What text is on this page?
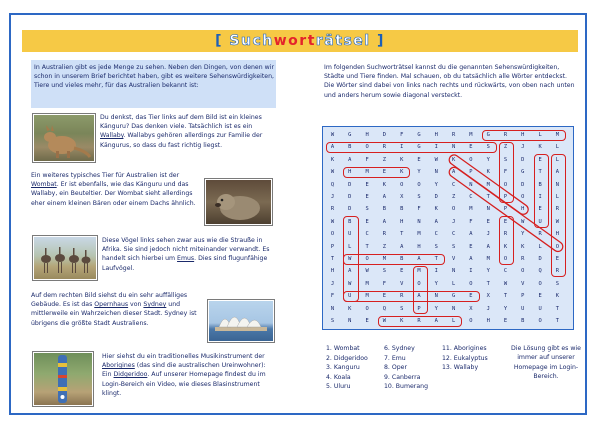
[ Suchworträtsel ]

In Australien gibt es jede Menge zu sehen. Neben den Dingen, von denen wir schon in unserem Brief berichtet haben, gibt es weitere Sehenswürdigkeiten, Tiere und vieles mehr, für das Australien bekannt ist:

Du denkst, das Tier links auf dem Bild ist ein kleines Känguru? Das denken viele. Tatsächlich ist es ein Wallaby. Wallabys gehören allerdings zur Familie der Kängurus, so dass du fast richtig liegst.

Ein weiteres typisches Tier für Australien ist der Wombat. Er ist ebenfalls, wie das Känguru und das Wallaby, ein Beuteltier. Der Wombat sieht allerdings eher einem kleinen Bären oder einem Dachs ähnlich.

Diese Vögel links sehen zwar aus wie die Strauße in Afrika. Sie sind jedoch nicht miteinander verwandt. Es handelt sich hierbei um Emus. Dies sind flugunfähige Laufvögel.

Auf dem rechten Bild siehst du ein sehr auffälliges Gebäude. Es ist das Opernhaus von Sydney und mittlerweile ein Wahrzeichen dieser Stadt. Sydney ist übrigens die größte Stadt Australiens.

Hier siehst du ein traditionelles Musikinstrument der Aborigines (das sind die australischen Ureinwohner): Ein Didgeridoo. Auf unserer Homepage findest du im Login-Bereich ein Video, wie dieses Blasinstrument klingt.

Im folgenden Suchworträtsel kannst du die genannten Sehenswürdigkeiten, Städte und Tiere finden. Mal schauen, ob du tatsächlich alle Wörter entdeckst. Die Wörter sind dabei von links nach rechts und rückwärts, von oben nach unten und anders herum sowie diagonal versteckt.

W	G	H	D	F	G	H	R	M	G	R	H	L	M
A	B	O	R	I	G	I	N	E	S	Z	J	K	L
K	A	F	Z	K	E	W	K	O	Y	S	D	E	L
W	H	M	E	K	Y	N	A	P	K	F	G	T	A
Q	D	E	K	O	O	Y	C	N	M	O	D	B	N
J	D	E	A	X	S	D	Z	C	T	P	O	I	L
R	D	S	B	B	F	K	O	M	N	P	H	E	R
W	B	E	A	H	N	A	J	F	E	E	W	U	W
O	U	C	R	T	M	C	C	A	J	R	Y	R	H
P	L	T	Z	A	H	S	S	E	A	K	K	L	O
T	W	O	M	B	A	T	V	A	M	O	R	D	E
H	A	W	S	E	M	I	N	I	Y	C	O	Q	R
J	W	M	F	V	O	Y	L	O	T	W	V	O	S
F	U	M	E	R	A	N	G	E	X	T	P	E	K
N	K	O	Q	S	P	Y	N	X	J	Y	U	U	T
S	N	E	W	K	R	A	L	O	H	E	B	O	T
1. Wombat
2. Didgeridoo
3. Kanguru
4. Koala
5. Uluru
6. Sydney
7. Emu
8. Oper
9. Canberra
10. Bumerang
11. Aborigines
12. Eukalyptus
13. Wallaby
Die Lösung gibt es wie immer auf unserer Homepage im Login-Bereich.
